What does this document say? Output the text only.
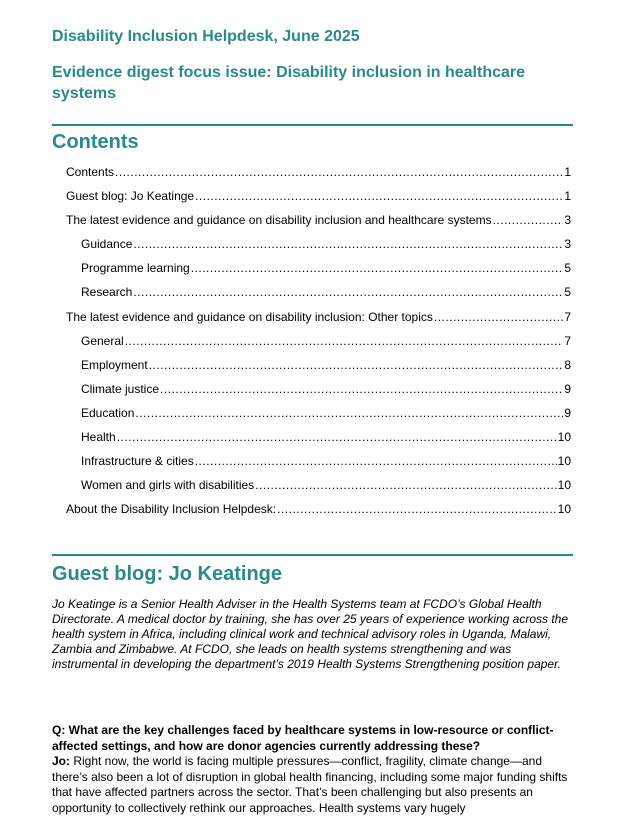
Disability Inclusion Helpdesk, June 2025
Evidence digest focus issue: Disability inclusion in healthcare systems
Contents
Contents .....	1
Guest blog: Jo Keatinge .....	1
The latest evidence and guidance on disability inclusion and healthcare systems .....	3
Guidance .....	3
Programme learning .....	5
Research .....	5
The latest evidence and guidance on disability inclusion: Other topics .....	7
General .....	7
Employment .....	8
Climate justice .....	9
Education .....	9
Health .....	10
Infrastructure & cities .....	10
Women and girls with disabilities .....	10
About the Disability Inclusion Helpdesk: .....	10
Guest blog: Jo Keatinge

Jo Keatinge is a Senior Health Adviser in the Health Systems team at FCDO’s Global Health Directorate. A medical doctor by training, she has over 25 years of experience working across the health system in Africa, including clinical work and technical advisory roles in Uganda, Malawi, Zambia and Zimbabwe. At FCDO, she leads on health systems strengthening and was instrumental in developing the department’s 2019 Health Systems Strengthening position paper.

Q: What are the key challenges faced by healthcare systems in low-resource or conflict-affected settings, and how are donor agencies currently addressing these?
Jo: Right now, the world is facing multiple pressures—conflict, fragility, climate change—and there’s also been a lot of disruption in global health financing, including some major funding shifts that have affected partners across the sector. That’s been challenging but also presents an opportunity to collectively rethink our approaches. Health systems vary hugely
